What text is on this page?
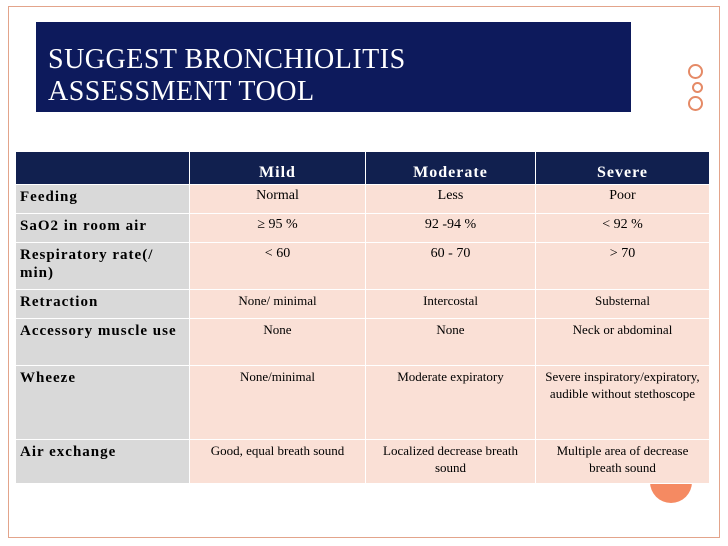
SUGGEST BRONCHIOLITIS
ASSESSMENT TOOL
	Mild	Moderate	Severe
Feeding	Normal	Less	Poor
SaO2 in room air	≥ 95 %	92 -94 %	< 92 %
Respiratory rate(/ min)	< 60	60 - 70	> 70
Retraction	None/ minimal	Intercostal	Substernal
Accessory muscle use	None	None	Neck or abdominal
Wheeze	None/minimal	Moderate expiratory	Severe inspiratory/expiratory, audible without stethoscope
Air exchange	Good, equal breath sound	Localized decrease breath sound	Multiple area of decrease breath sound
